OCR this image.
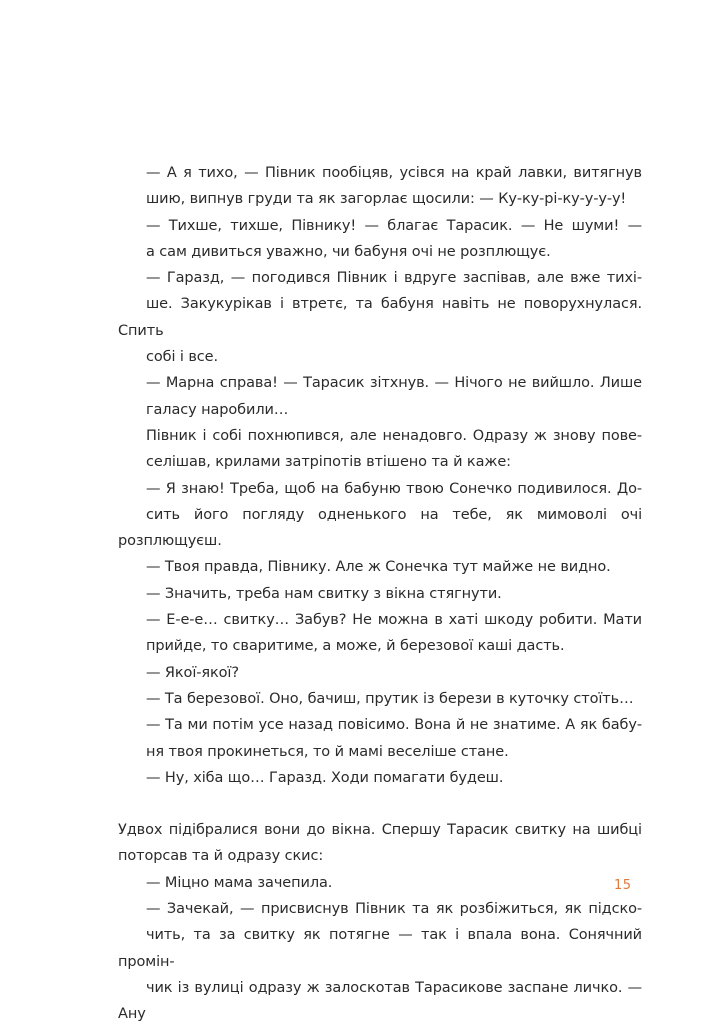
— А я тихо, — Півник пообіцяв, усівся на край лавки, витягнув
шию, випнув груди та як загорлає щосили: — Ку-ку-рі-ку-у-у-у!

— Тихше, тихше, Півнику! — благає Тарасик. — Не шуми! —
а сам дивиться уважно, чи бабуня очі не розплющує.

— Гаразд, — погодився Півник і вдруге заспівав, але вже тихі-
ше. Закукурікав і втретє, та бабуня навіть не поворухнулася. Спить
собі і все.

— Марна справа! — Тарасик зітхнув. — Нічого не вийшло. Лише
галасу наробили…

Півник і собі похнюпився, але ненадовго. Одразу ж знову пове-
селішав, крилами затріпотів втішено та й каже:

— Я знаю! Треба, щоб на бабуню твою Сонечко подивилося. До-
сить його погляду одненького на тебе, як мимоволі очі розплющуєш.

— Твоя правда, Півнику. Але ж Сонечка тут майже не видно.

— Значить, треба нам свитку з вікна стягнути.

— Е-е-е… свитку… Забув? Не можна в хаті шкоду робити. Мати
прийде, то сваритиме, а може, й березової каші дасть.

— Якої-якої?

— Та березової. Оно, бачиш, прутик із берези в куточку стоїть…

— Та ми потім усе назад повісимо. Вона й не знатиме. А як бабу-
ня твоя прокинеться, то й мамі веселіше стане.

— Ну, хіба що… Гаразд. Ходи помагати будеш.

Удвох підібралися вони до вікна. Спершу Тарасик свитку на шибці
поторсав та й одразу скис:

— Міцно мама зачепила.

— Зачекай, — присвиснув Півник та як розбіжиться, як підско-
чить, та за свитку як потягне — так і впала вона. Сонячний промін-
чик із вулиці одразу ж залоскотав Тарасикове заспане личко. — Ану

15
